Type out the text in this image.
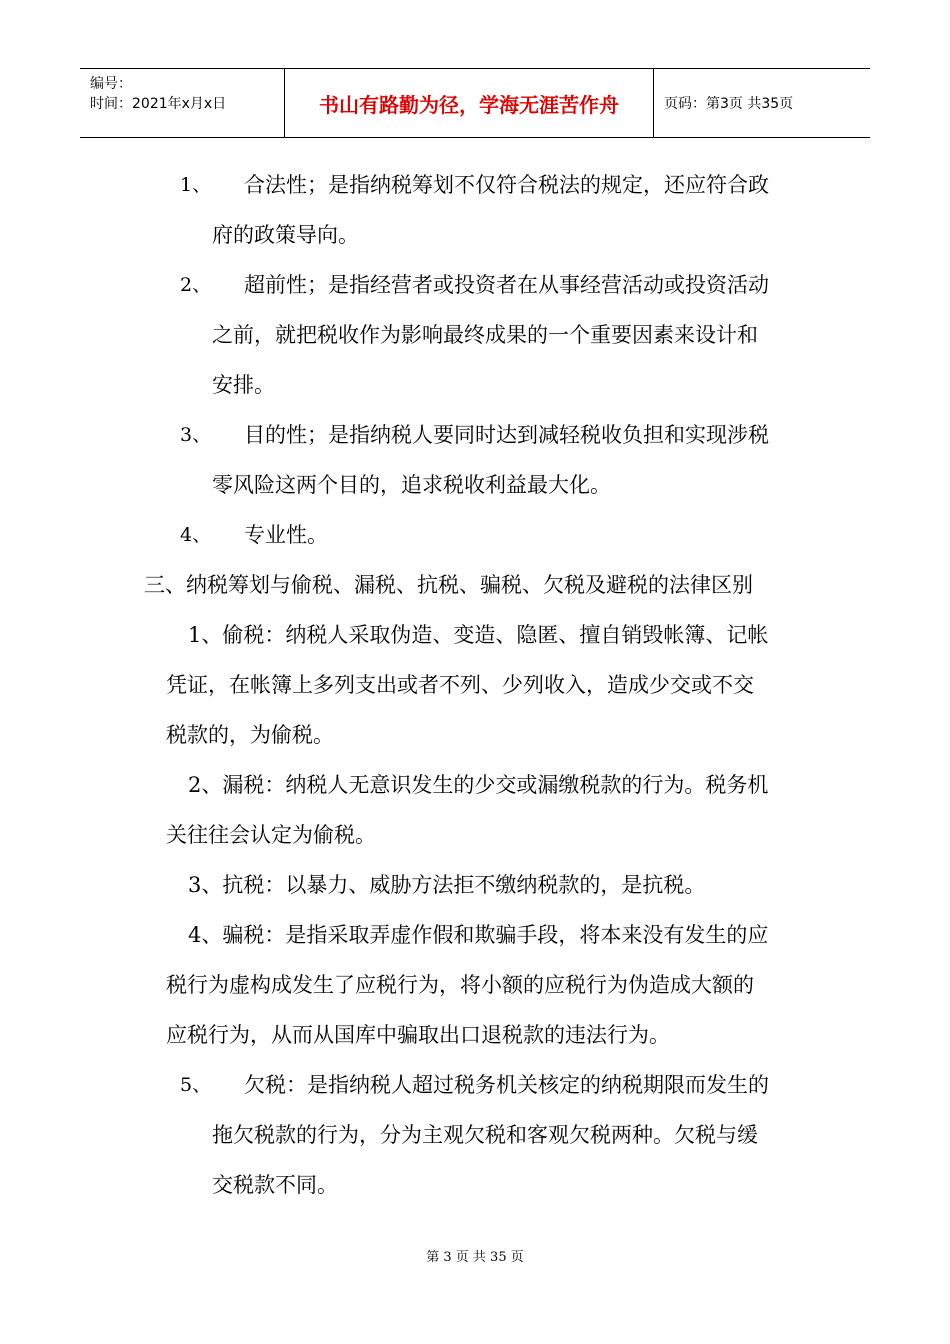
编号：
时间：2021年x月x日	书山有路勤为径，学海无涯苦作舟	页码：第3页 共35页
1、 合法性；是指纳税筹划不仅符合税法的规定，还应符合政
府的政策导向。
2、 超前性；是指经营者或投资者在从事经营活动或投资活动
之前，就把税收作为影响最终成果的一个重要因素来设计和
安排。
3、 目的性；是指纳税人要同时达到减轻税收负担和实现涉税
零风险这两个目的，追求税收利益最大化。
4、 专业性。
三、纳税筹划与偷税、漏税、抗税、骗税、欠税及避税的法律区别
1、偷税：纳税人采取伪造、变造、隐匿、擅自销毁帐簿、记帐
凭证，在帐簿上多列支出或者不列、少列收入，造成少交或不交
税款的，为偷税。
2、漏税：纳税人无意识发生的少交或漏缴税款的行为。税务机
关往往会认定为偷税。
3、抗税：以暴力、威胁方法拒不缴纳税款的，是抗税。
4、骗税：是指采取弄虚作假和欺骗手段，将本来没有发生的应
税行为虚构成发生了应税行为，将小额的应税行为伪造成大额的
应税行为，从而从国库中骗取出口退税款的违法行为。
5、 欠税：是指纳税人超过税务机关核定的纳税期限而发生的
拖欠税款的行为，分为主观欠税和客观欠税两种。欠税与缓
交税款不同。
第 3 页 共 35 页
